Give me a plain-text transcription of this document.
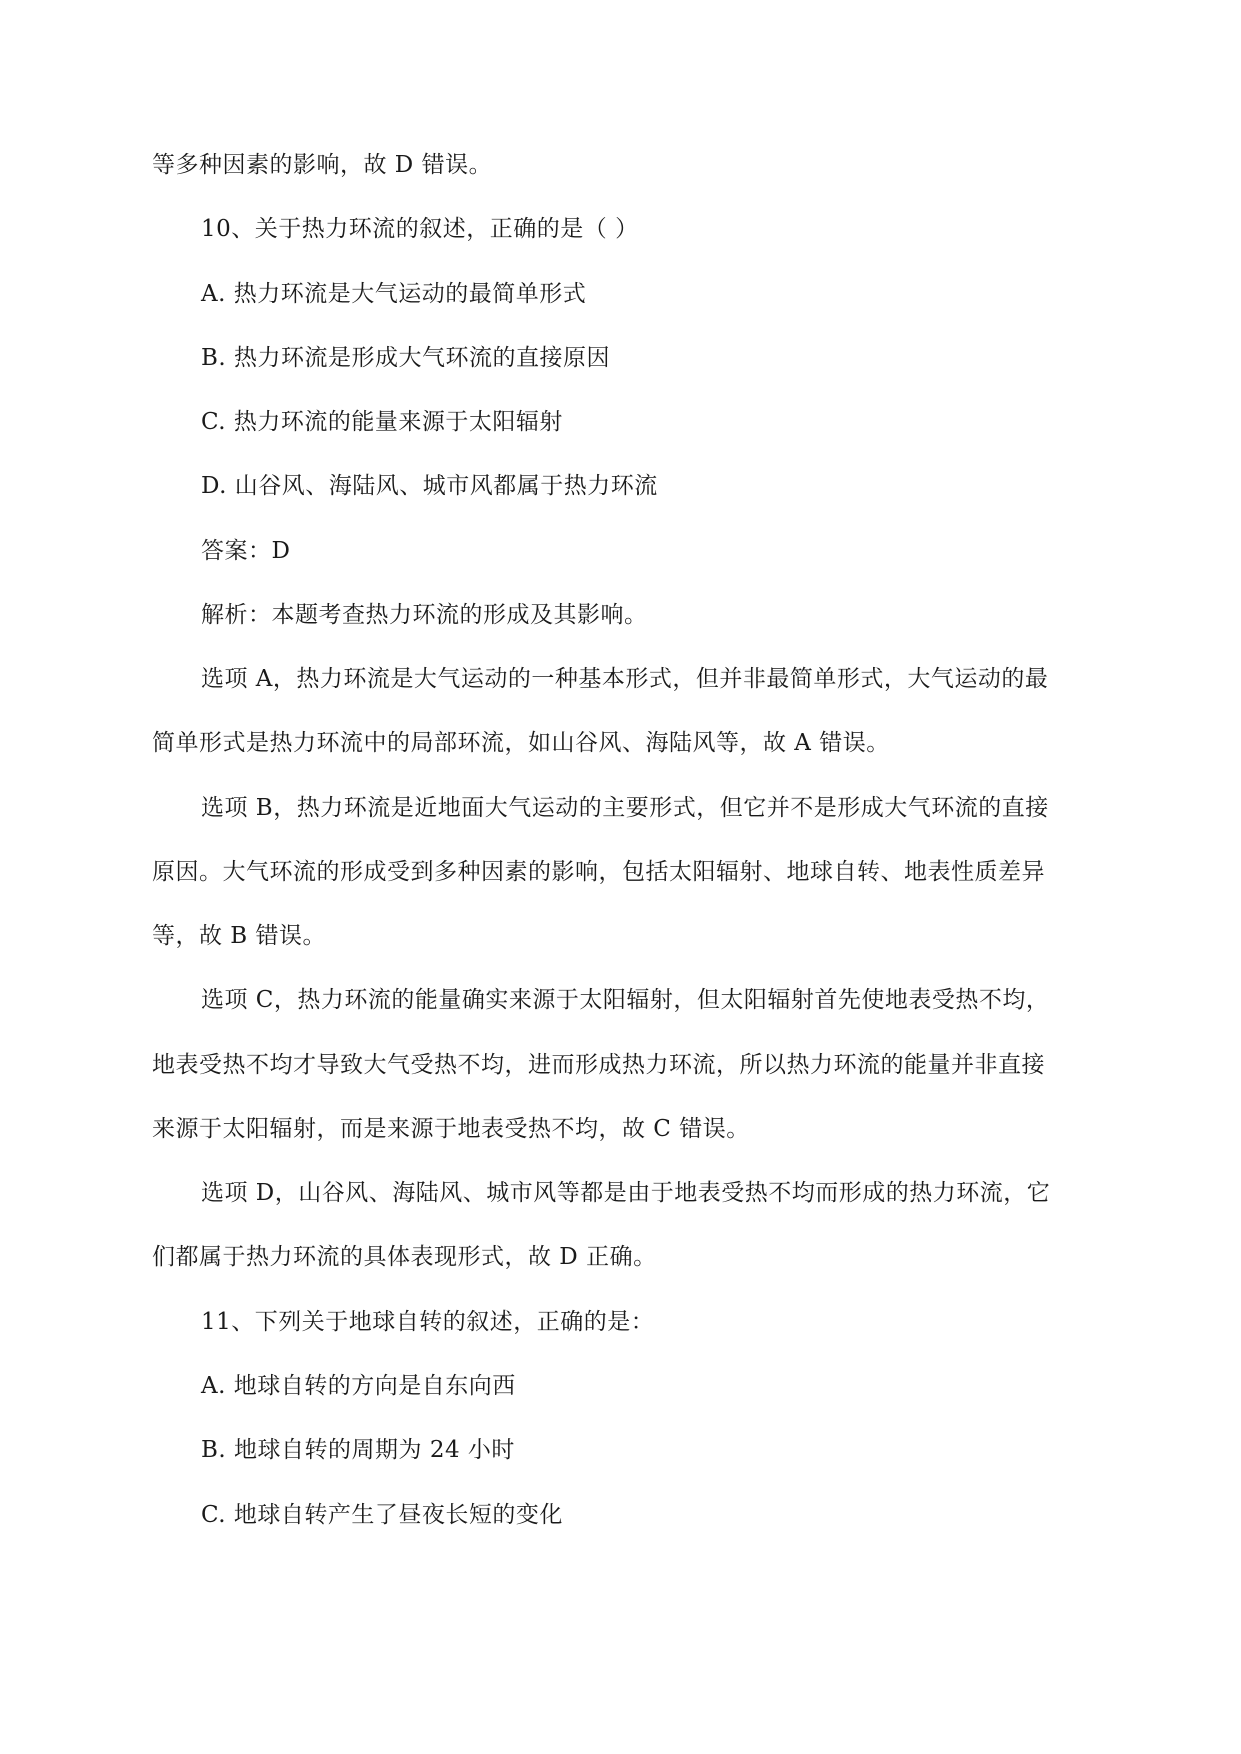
等多种因素的影响，故 D 错误。
10、关于热力环流的叙述，正确的是（ ）
A. 热力环流是大气运动的最简单形式
B. 热力环流是形成大气环流的直接原因
C. 热力环流的能量来源于太阳辐射
D. 山谷风、海陆风、城市风都属于热力环流
答案：D
解析：本题考查热力环流的形成及其影响。
选项 A，热力环流是大气运动的一种基本形式，但并非最简单形式，大气运动的最
简单形式是热力环流中的局部环流，如山谷风、海陆风等，故 A 错误。
选项 B，热力环流是近地面大气运动的主要形式，但它并不是形成大气环流的直接
原因。大气环流的形成受到多种因素的影响，包括太阳辐射、地球自转、地表性质差异
等，故 B 错误。
选项 C，热力环流的能量确实来源于太阳辐射，但太阳辐射首先使地表受热不均，
地表受热不均才导致大气受热不均，进而形成热力环流，所以热力环流的能量并非直接
来源于太阳辐射，而是来源于地表受热不均，故 C 错误。
选项 D，山谷风、海陆风、城市风等都是由于地表受热不均而形成的热力环流，它
们都属于热力环流的具体表现形式，故 D 正确。
11、下列关于地球自转的叙述，正确的是：
A. 地球自转的方向是自东向西
B. 地球自转的周期为 24 小时
C. 地球自转产生了昼夜长短的变化
